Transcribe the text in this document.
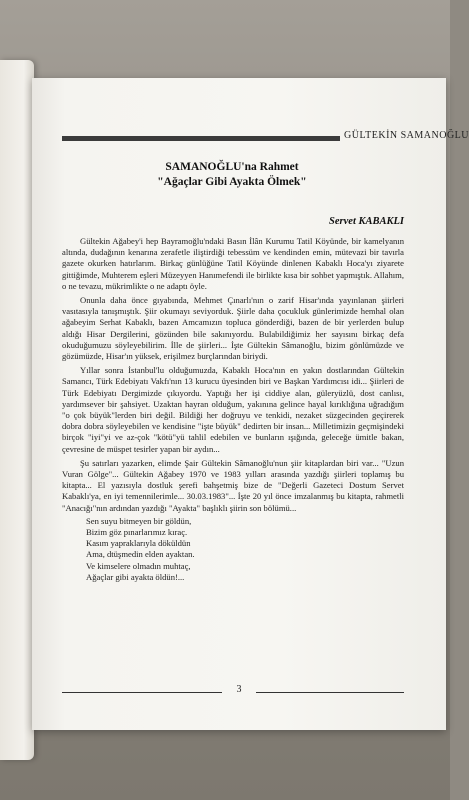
GÜLTEKİN SAMANOĞLU
SAMANOĞLU'na Rahmet
"Ağaçlar Gibi Ayakta Ölmek"
Servet KABAKLI

Gültekin Ağabey'i hep Bayramoğlu'ndaki Basın İlân Kurumu Tatil Köyünde, bir kamelyanın altında, dudağının kenarına zerafetle iliştirdiği tebessüm ve kendinden emin, mütevazi bir tavırla gazete okurken hatırlarım. Birkaç günlüğüne Tatil Köyünde dinlenen Kabaklı Hoca'yı ziyarete gittiğimde, Muhterem eşleri Müzeyyen Hanımefendi ile birlikte kısa bir sohbet yapmıştık. Allahım, o ne tevazu, mükrimlikte o ne adaptı öyle.

Onunla daha önce gıyabında, Mehmet Çınarlı'nın o zarif Hisar'ında yayınlanan şiirleri vasıtasıyla tanışmıştık. Şiir okumayı seviyorduk. Şiirle daha çocukluk günlerimizde hemhal olan ağabeyim Serhat Kabaklı, bazen Amcamızın topluca gönderdiği, bazen de bir yerlerden bulup aldığı Hisar Dergilerini, gözünden bile sakınıyordu. Bulabildiğimiz her sayısını birkaç defa okuduğumuzu söyleyebilirim. İlle de şiirleri... İşte Gültekin Sâmanoğlu, bizim gönlümüzde ve gözümüzde, Hisar'ın yüksek, erişilmez burçlarından biriydi.

Yıllar sonra İstanbul'lu olduğumuzda, Kabaklı Hoca'nın en yakın dostlarından Gültekin Samancı, Türk Edebiyatı Vakfı'nın 13 kurucu üyesinden biri ve Başkan Yardımcısı idi... Şiirleri de Türk Edebiyatı Dergimizde çıkıyordu. Yaptığı her işi ciddiye alan, güleryüzlü, dost canlısı, yardımsever bir şahsiyet. Uzaktan hayran olduğum, yakınına gelince hayal kırıklığına uğradığım "o çok büyük"lerden biri değil. Bildiği her doğruyu ve tenkidi, nezaket süzgecinden geçirerek dobra dobra söyleyebilen ve kendisine "işte büyük" dedirten bir insan... Milletimizin geçmişindeki birçok "iyi"yi ve az-çok "kötü"yü tahlil edebilen ve bunların ışığında, geleceğe ümitle bakan, çevresine de müspet tesirler yapan bir aydın...

Şu satırları yazarken, elimde Şair Gültekin Sâmanoğlu'nun şiir kitaplardan biri var... "Uzun Vuran Gölge"... Gültekin Ağabey 1970 ve 1983 yılları arasında yazdığı şiirleri toplamış bu kitapta... El yazısıyla dostluk şerefi bahşetmiş bize de "Değerli Gazeteci Dostum Servet Kabaklı'ya, en iyi temennilerimle... 30.03.1983"... İşte 20 yıl önce imzalanmış bu kitapta, rahmetli "Anacığı"nın ardından yazdığı "Ayakta" başlıklı şiirin son bölümü...

Sen suyu bitmeyen bir göldün,
Bizim göz pınarlarımız kıraç.
Kasım yapraklarıyla döküldün
Ama, dtüşmedin elden ayaktan.
Ve kimselere olmadın muhtaç,
Ağaçlar gibi ayakta öldün!...
3
